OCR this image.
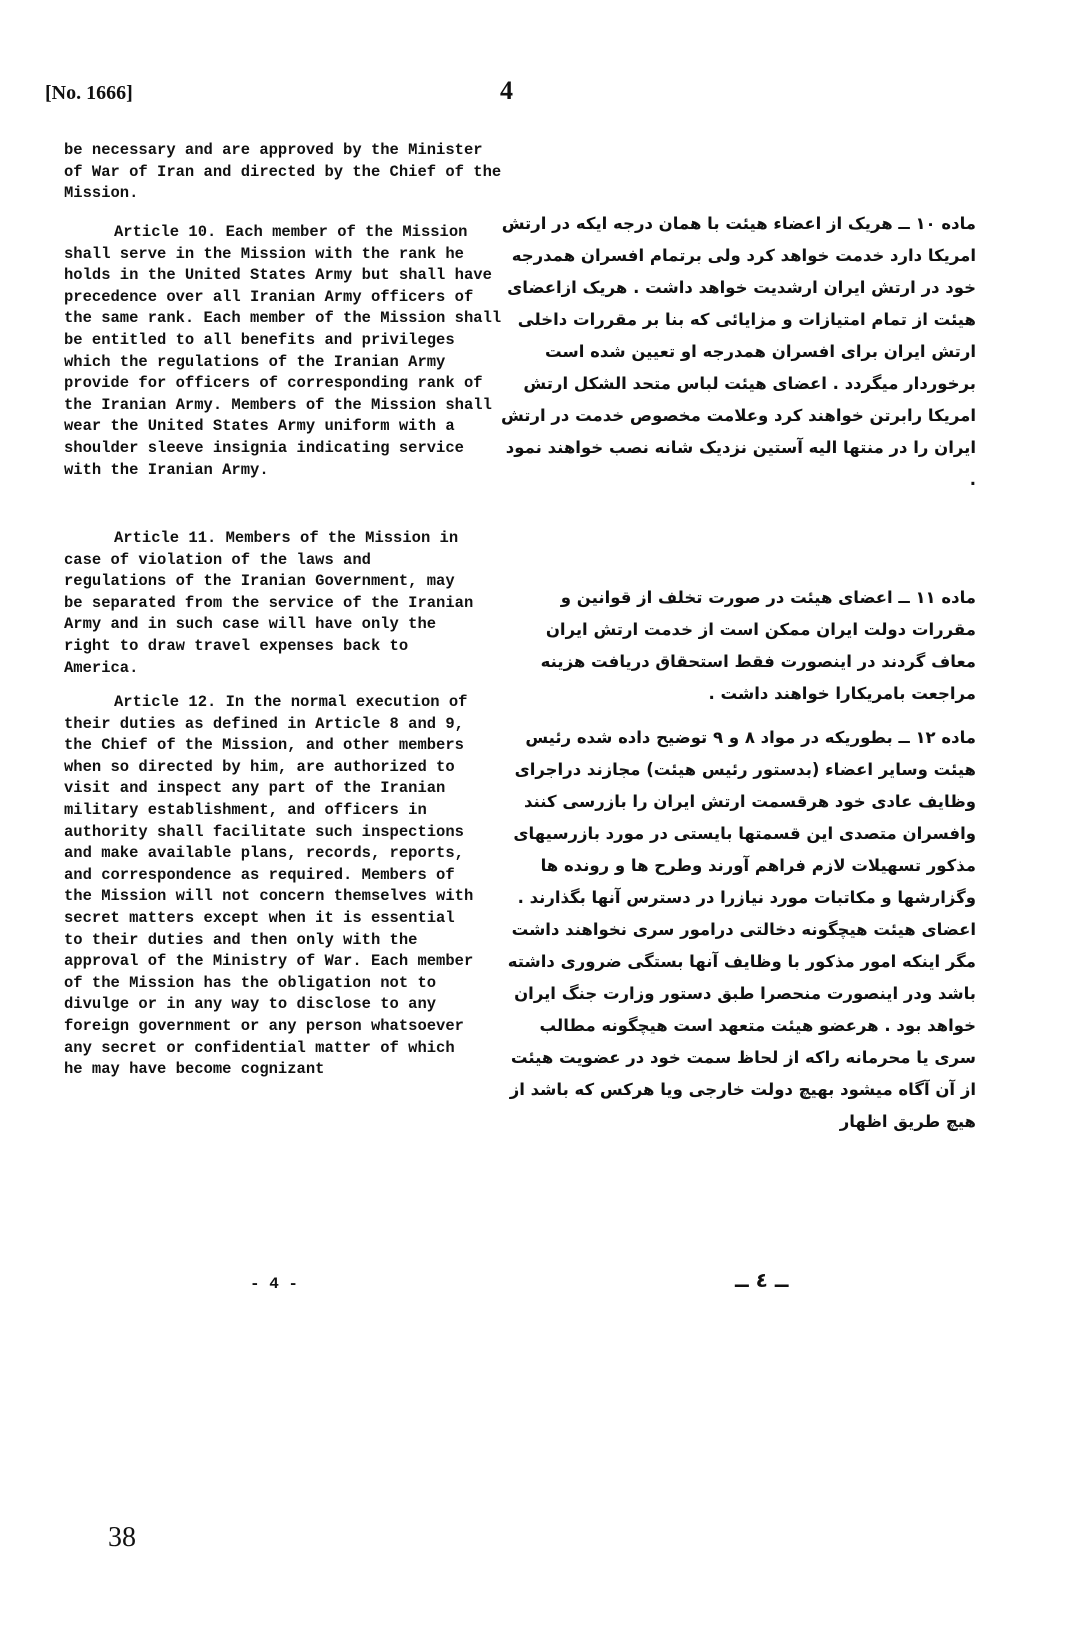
[No. 1666]	4

be necessary and are approved by the Minister of War of Iran and directed by the Chief of the Mission.

Article 10. Each member of the Mission shall serve in the Mission with the rank he holds in the United States Army but shall have precedence over all Iranian Army officers of the same rank. Each member of the Mission shall be entitled to all benefits and privileges which the regulations of the Iranian Army provide for officers of corresponding rank of the Iranian Army. Members of the Mission shall wear the United States Army uniform with a shoulder sleeve insignia indicating service with the Iranian Army.

Article 11. Members of the Mission in case of violation of the laws and regulations of the Iranian Government, may be separated from the service of the Iranian Army and in such case will have only the right to draw travel expenses back to America.

Article 12. In the normal execution of their duties as defined in Article 8 and 9, the Chief of the Mission, and other members when so directed by him, are authorized to visit and inspect any part of the Iranian military establishment, and officers in authority shall facilitate such inspections and make available plans, records, reports, and correspondence as required. Members of the Mission will not concern themselves with secret matters except when it is essential to their duties and then only with the approval of the Ministry of War. Each member of the Mission has the obligation not to divulge or in any way to disclose to any foreign government or any person whatsoever any secret or confidential matter of which he may have become cognizant

ماده ۱۰ ــ هریک از اعضاء هیئت با همان درجه ایکه در ارتش امریکا دارد خدمت خواهد کرد ولی برتمام افسران همدرجه خود در ارتش ایران ارشدیت خواهد داشت . هریک ازاعضای هیئت از تمام امتیازات و مزایائی که بنا بر مقررات داخلی ارتش ایران برای افسران همدرجه او تعیین شده است برخوردار میگردد . اعضای هیئت لباس متحد الشکل ارتش امریکا رابرتن خواهند کرد وعلامت مخصوص خدمت در ارتش ایران را در منتها الیه آستین نزدیک شانه نصب خواهند نمود .

ماده ۱۱ ــ اعضای هیئت در صورت تخلف از قوانین و مقررات دولت ایران ممکن است از خدمت ارتش ایران معاف گردند در اینصورت فقط استحقاق دریافت هزینه مراجعت بامریکارا خواهند داشت .

ماده ۱۲ ــ بطوریکه در مواد ۸ و ۹ توضیح داده شده رئیس هیئت وسایر اعضاء (بدستور رئیس هیئت) مجازند دراجرای وظایف عادی خود هرقسمت ارتش ایران را بازرسی کنند وافسران متصدی این قسمتها بایستی در مورد بازرسیهای مذکور تسهیلات لازم فراهم آورند وطرح ها و رونده ها وگزارشها و مکاتبات مورد نیازرا در دسترس آنها بگذارند . اعضای هیئت هیچگونه دخالتی درامور سری نخواهند داشت مگر اینکه امور مذکور با وظایف آنها بستگی ضروری داشته باشد ودر اینصورت منحصرا طبق دستور وزارت جنگ ایران خواهد بود . هرعضو هیئت متعهد است هیچگونه مطالب سری یا محرمانه راکه از لحاظ سمت خود در عضویت هیئت از آن آگاه میشود بهیچ دولت خارجی ویا هرکس که باشد از هیچ طریق اظهار

- 4 -	ــ ٤ ــ
38
